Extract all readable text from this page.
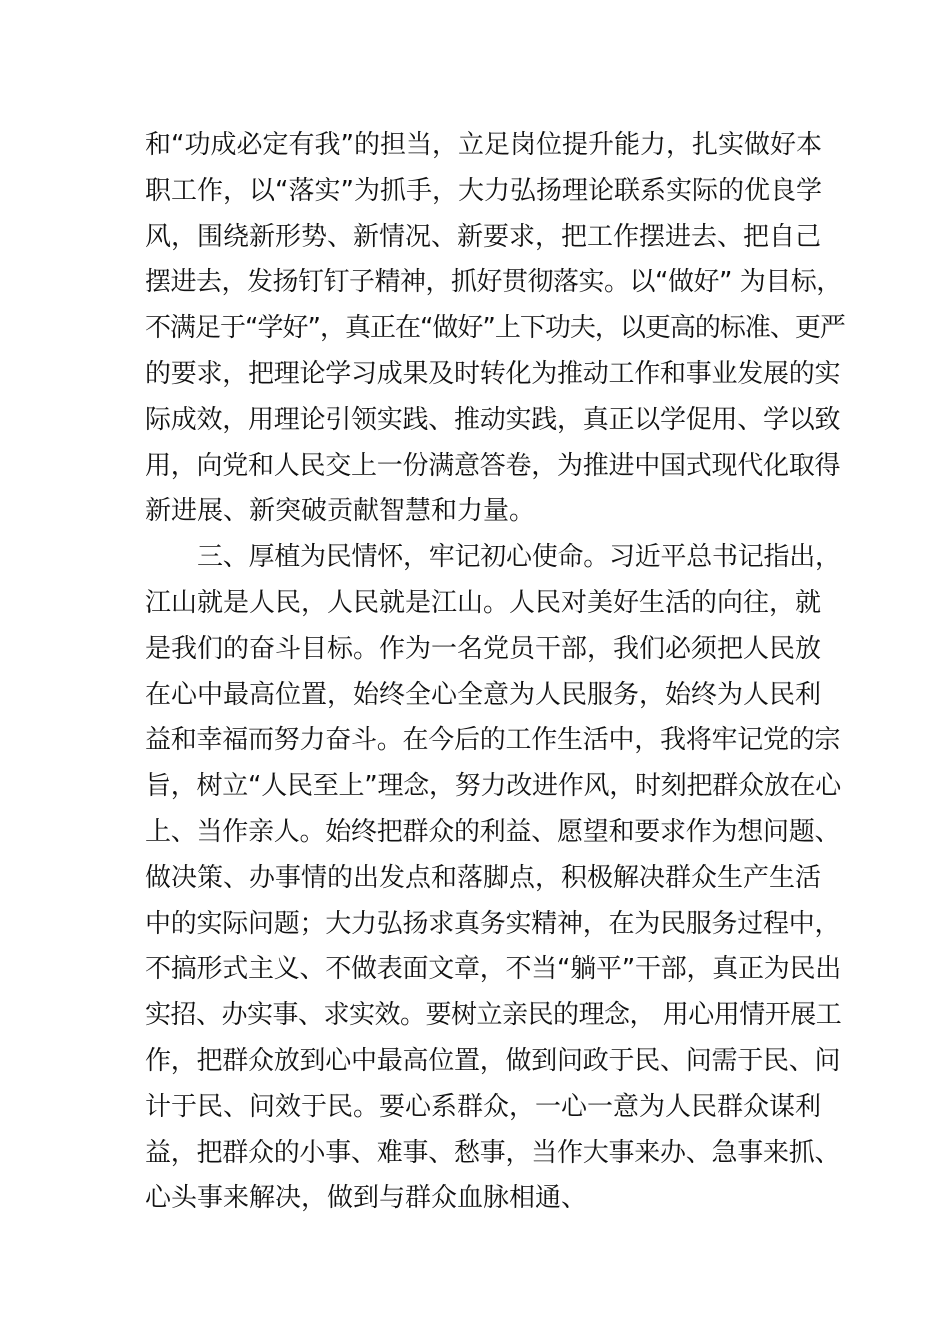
和“功成必定有我”的担当，立足岗位提升能力，扎实做好本
职工作，以“落实”为抓手，大力弘扬理论联系实际的优良学
风，围绕新形势、新情况、新要求，把工作摆进去、把自己
摆进去，发扬钉钉子精神，抓好贯彻落实。以“做好” 为目标，
不满足于“学好”，真正在“做好”上下功夫，以更高的标准、更严
的要求，把理论学习成果及时转化为推动工作和事业发展的实
际成效，用理论引领实践、推动实践，真正以学促用、学以致
用，向党和人民交上一份满意答卷，为推进中国式现代化取得
新进展、新突破贡献智慧和力量。
三、厚植为民情怀，牢记初心使命。习近平总书记指出，
江山就是人民，人民就是江山。人民对美好生活的向往，就
是我们的奋斗目标。作为一名党员干部，我们必须把人民放
在心中最高位置，始终全心全意为人民服务，始终为人民利
益和幸福而努力奋斗。在今后的工作生活中，我将牢记党的宗
旨，树立“人民至上”理念，努力改进作风，时刻把群众放在心
上、当作亲人。始终把群众的利益、愿望和要求作为想问题、
做决策、办事情的出发点和落脚点，积极解决群众生产生活
中的实际问题；大力弘扬求真务实精神，在为民服务过程中，
不搞形式主义、不做表面文章，不当“躺平”干部，真正为民出
实招、办实事、求实效。要树立亲民的理念， 用心用情开展工
作，把群众放到心中最高位置，做到问政于民、问需于民、问
计于民、问效于民。要心系群众，一心一意为人民群众谋利
益，把群众的小事、难事、愁事，当作大事来办、急事来抓、
心头事来解决，做到与群众血脉相通、
